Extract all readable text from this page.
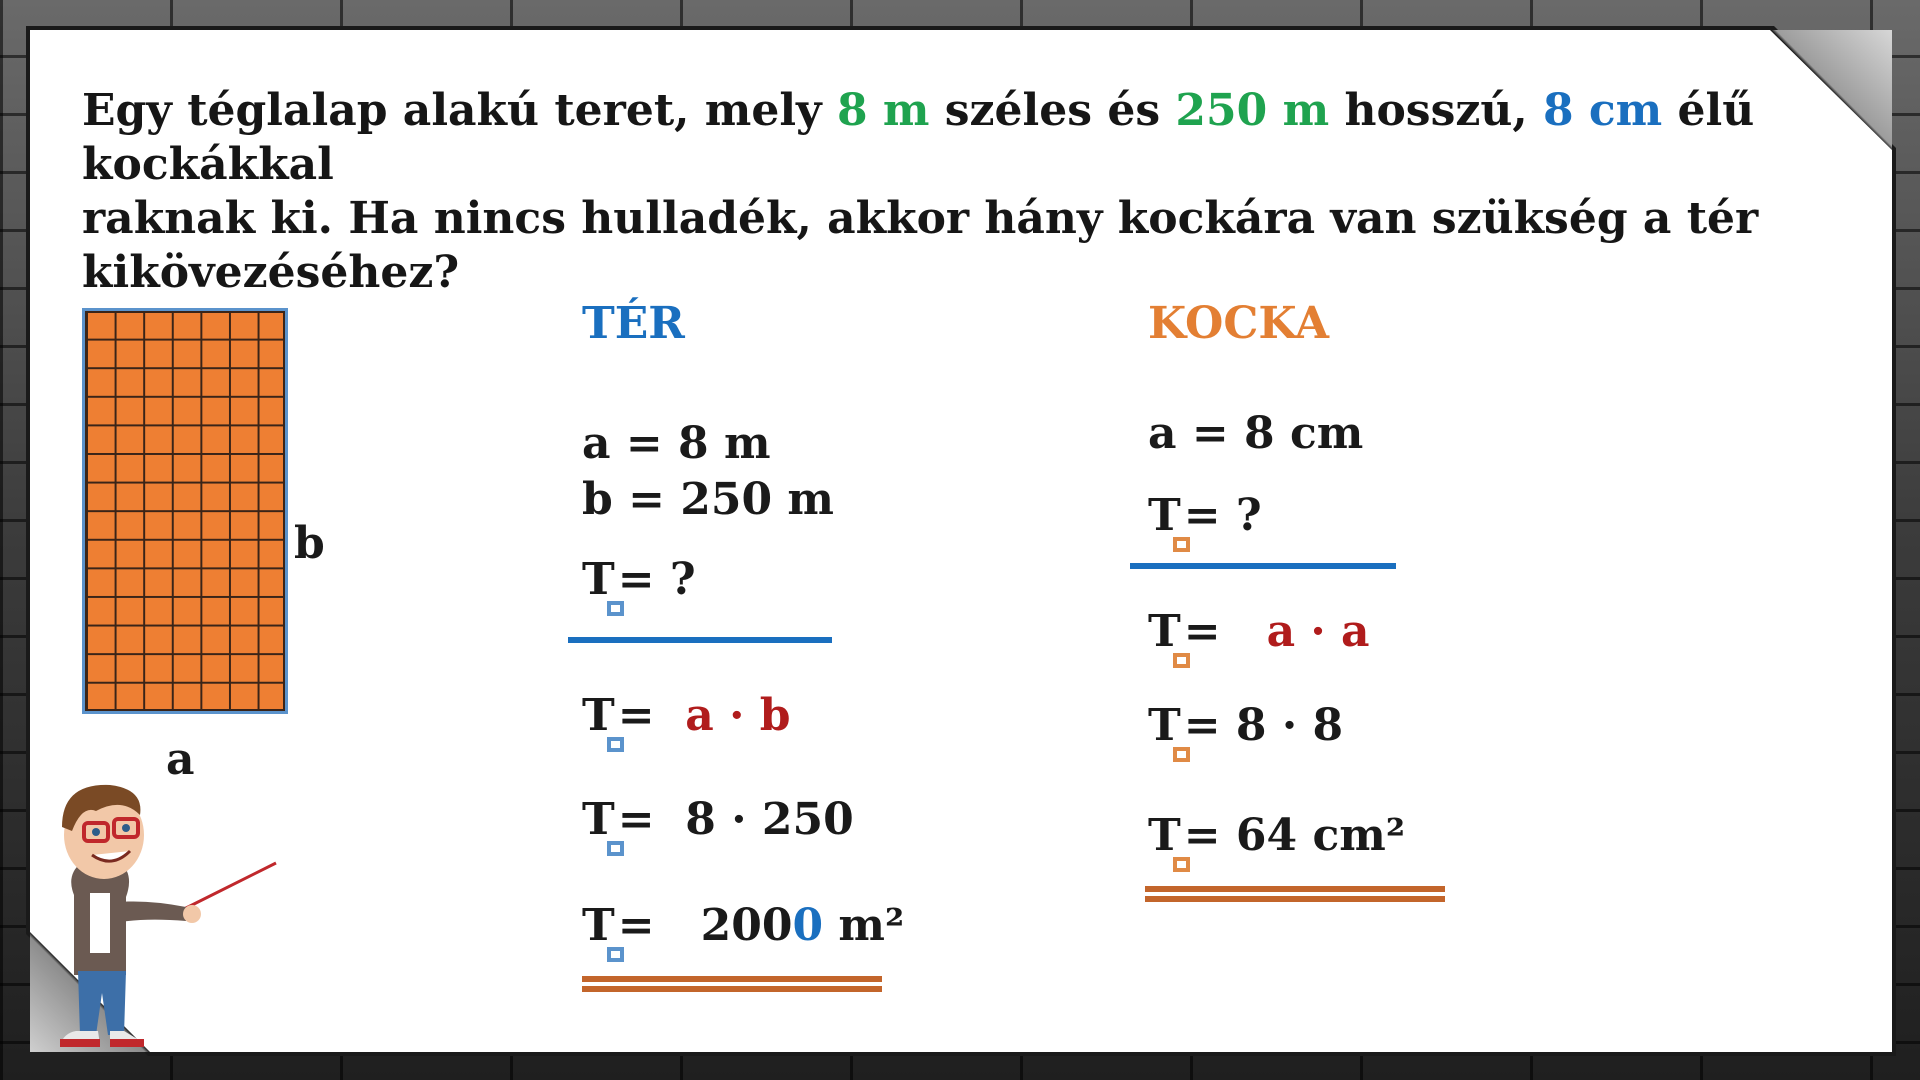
Egy téglalap alakú teret, mely 8 m széles és 250 m hosszú, 8 cm élű kockákkal
raknak ki. Ha nincs hulladék, akkor hány kockára van szükség a tér kikövezéséhez?
b
a
TÉR
a = 8 m
b = 250 m
T= ?
T= a · b
T= 8 · 250
T= 2000 m²
KOCKA
a = 8 cm
T= ?
T= a · a
T= 8 · 8
T= 64 cm²
